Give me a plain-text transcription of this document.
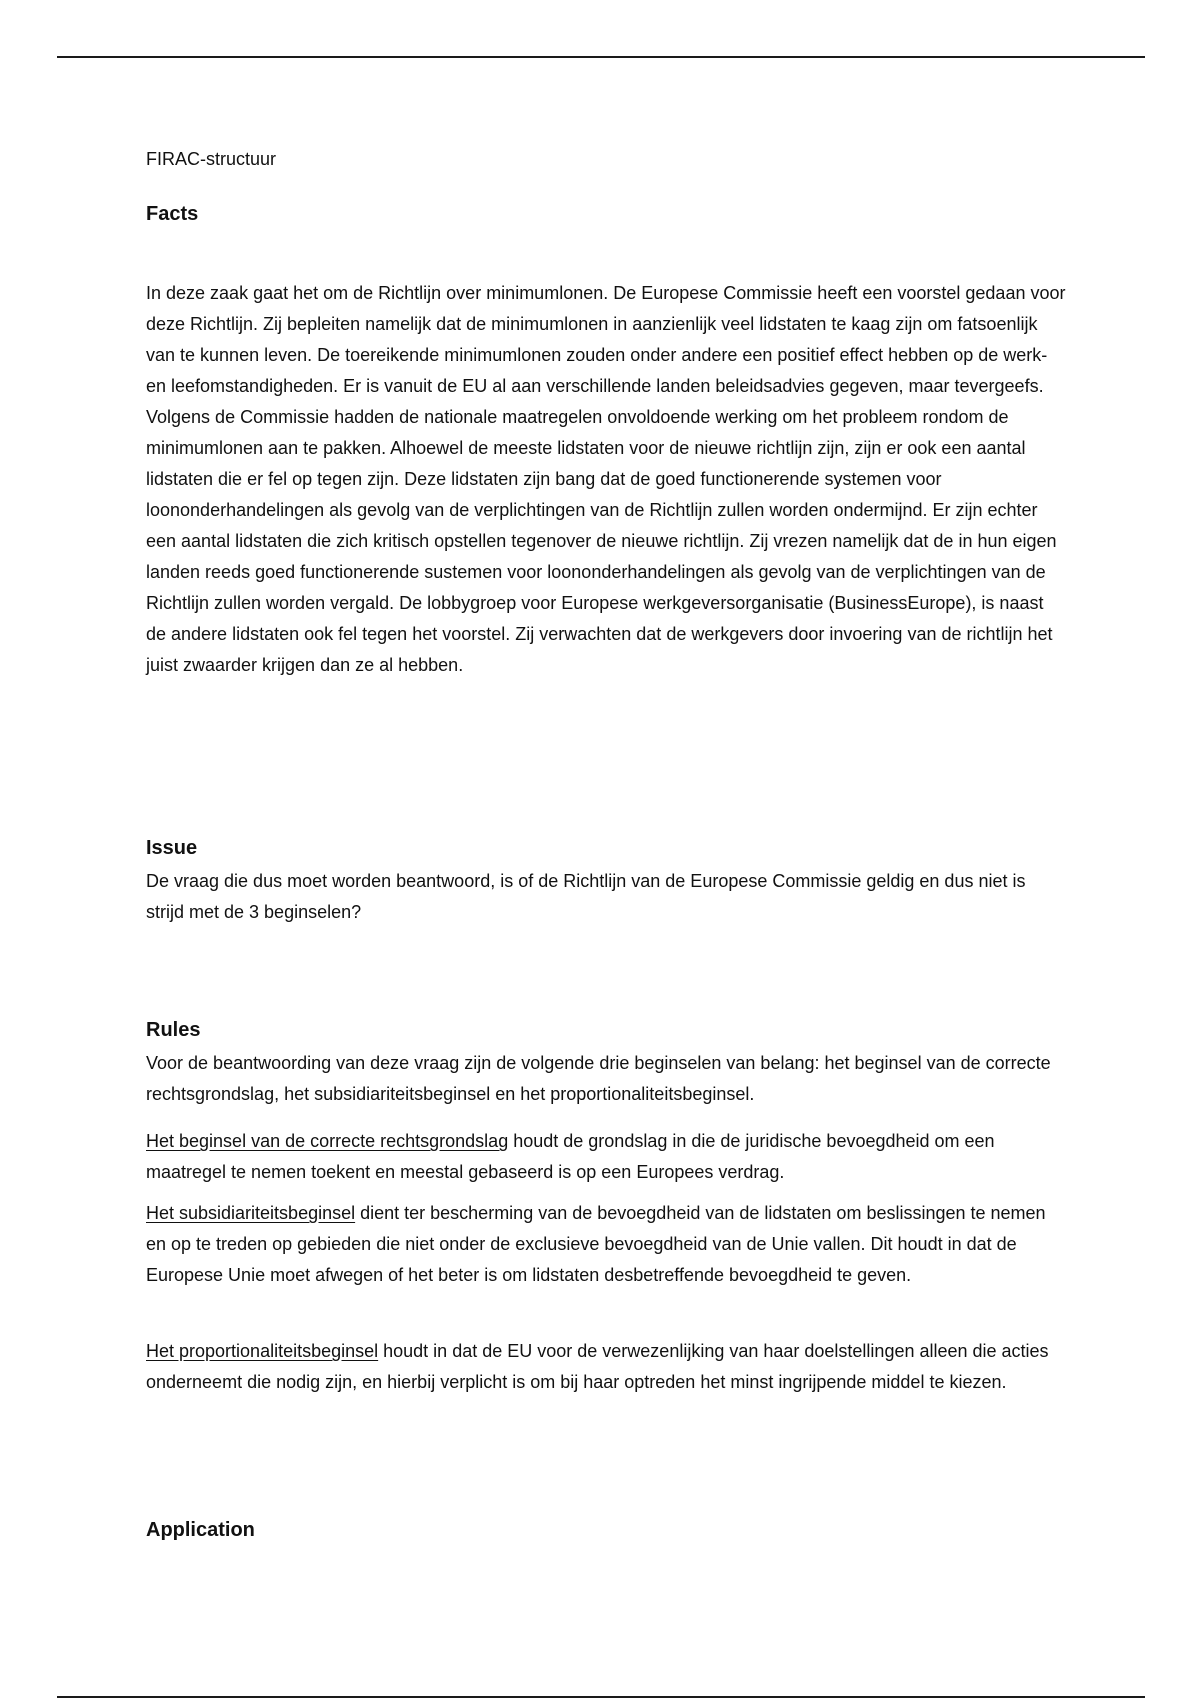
FIRAC-structuur
Facts

In deze zaak gaat het om de Richtlijn over minimumlonen. De Europese Commissie heeft een voorstel gedaan voor deze Richtlijn. Zij bepleiten namelijk dat de minimumlonen in aanzienlijk veel lidstaten te kaag zijn om fatsoenlijk van te kunnen leven. De toereikende minimumlonen zouden onder andere een positief effect hebben op de werk-en leefomstandigheden. Er is vanuit de EU al aan verschillende landen beleidsadvies gegeven, maar tevergeefs. Volgens de Commissie hadden de nationale maatregelen onvoldoende werking om het probleem rondom de minimumlonen aan te pakken. Alhoewel de meeste lidstaten voor de nieuwe richtlijn zijn, zijn er ook een aantal lidstaten die er fel op tegen zijn. Deze lidstaten zijn bang dat de goed functionerende systemen voor loononderhandelingen als gevolg van de verplichtingen van de Richtlijn zullen worden ondermijnd. Er zijn echter een aantal lidstaten die zich kritisch opstellen tegenover de nieuwe richtlijn. Zij vrezen namelijk dat de in hun eigen landen reeds goed functionerende sustemen voor loononderhandelingen als gevolg van de verplichtingen van de Richtlijn zullen worden vergald. De lobbygroep voor Europese werkgeversorganisatie (BusinessEurope), is naast de andere lidstaten ook fel tegen het voorstel. Zij verwachten dat de werkgevers door invoering van de richtlijn het juist zwaarder krijgen dan ze al hebben.

Issue

De vraag die dus moet worden beantwoord, is of de Richtlijn van de Europese Commissie geldig en dus niet is strijd met de 3 beginselen?

Rules

Voor de beantwoording van deze vraag zijn de volgende drie beginselen van belang: het beginsel van de correcte rechtsgrondslag, het subsidiariteitsbeginsel en het proportionaliteitsbeginsel.

Het beginsel van de correcte rechtsgrondslag houdt de grondslag in die de juridische bevoegdheid om een maatregel te nemen toekent en meestal gebaseerd is op een Europees verdrag.

Het subsidiariteitsbeginsel dient ter bescherming van de bevoegdheid van de lidstaten om beslissingen te nemen en op te treden op gebieden die niet onder de exclusieve bevoegdheid van de Unie vallen. Dit houdt in dat de Europese Unie moet afwegen of het beter is om lidstaten desbetreffende bevoegdheid te geven.

Het proportionaliteitsbeginsel houdt in dat de EU voor de verwezenlijking van haar doelstellingen alleen die acties onderneemt die nodig zijn, en hierbij verplicht is om bij haar optreden het minst ingrijpende middel te kiezen.

Application
